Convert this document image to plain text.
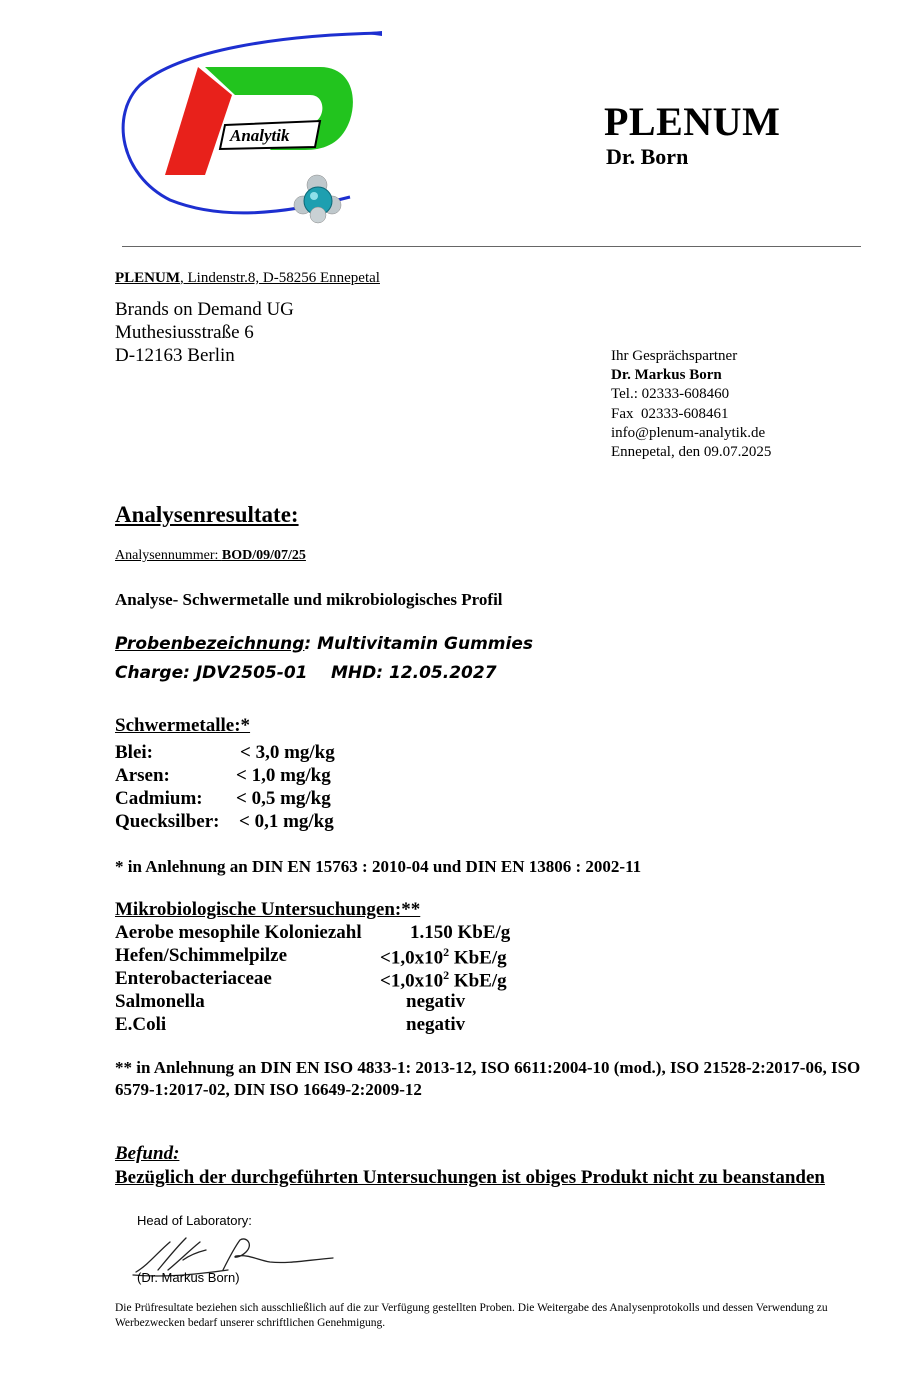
Analytik	PLENUM
Dr. Born
PLENUM, Lindenstr.8, D-58256 Ennepetal
Brands on Demand UG
Muthesiusstraße 6
D-12163 Berlin	Ihr Gesprächspartner
Dr. Markus Born
Tel.: 02333-608460
Fax  02333-608461
info@plenum-analytik.de
Ennepetal, den 09.07.2025
Analysenresultate:
Analysennummer: BOD/09/07/25
Analyse- Schwermetalle und mikrobiologisches Profil
Probenbezeichnung: Multivitamin Gummies
Charge: JDV2505-01 MHD: 12.05.2027
Schwermetalle:*
Blei:	< 3,0 mg/kg
Arsen:	< 1,0 mg/kg
Cadmium: < 0,5 mg/kg
Quecksilber: < 0,1 mg/kg
* in Anlehnung an DIN EN 15763 : 2010-04 und DIN EN 13806 : 2002-11
Mikrobiologische Untersuchungen:**
Aerobe mesophile Koloniezahl	1.150 KbE/g
Hefen/Schimmelpilze	$<1,0x10^2$ KbE/g
Enterobacteriaceae	$<1,0x10^2$ KbE/g
Salmonella	negativ
E.Coli	negativ
** in Anlehnung an DIN EN ISO 4833-1: 2013-12, ISO 6611:2004-10 (mod.), ISO 21528-2:2017-06, ISO 6579-1:2017-02, DIN ISO 16649-2:2009-12
Befund:
Bezüglich der durchgeführten Untersuchungen ist obiges Produkt nicht zu beanstanden
Head of Laboratory:
(Dr. Markus Born)
Die Prüfresultate beziehen sich ausschließlich auf die zur Verfügung gestellten Proben. Die Weitergabe des Analysenprotokolls und dessen Verwendung zu Werbezwecken bedarf unserer schriftlichen Genehmigung.
